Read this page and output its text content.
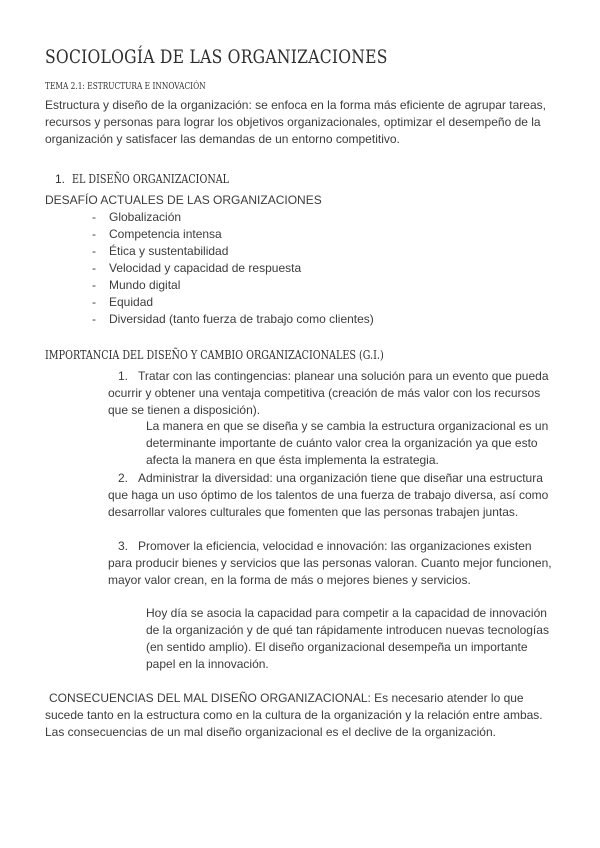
SOCIOLOGÍA DE LAS ORGANIZACIONES
TEMA 2.1: ESTRUCTURA E INNOVACIÓN
Estructura y diseño de la organización: se enfoca en la forma más eficiente de agrupar tareas, recursos y personas para lograr los objetivos organizacionales, optimizar el desempeño de la organización y satisfacer las demandas de un entorno competitivo.
1. EL DISEÑO ORGANIZACIONAL
DESAFÍO ACTUALES DE LAS ORGANIZACIONES
- Globalización
- Competencia intensa
- Ética y sustentabilidad
- Velocidad y capacidad de respuesta
- Mundo digital
- Equidad
- Diversidad (tanto fuerza de trabajo como clientes)
IMPORTANCIA DEL DISEÑO Y CAMBIO ORGANIZACIONALES (G.I.)
1. Tratar con las contingencias: planear una solución para un evento que pueda ocurrir y obtener una ventaja competitiva (creación de más valor con los recursos que se tienen a disposición).
La manera en que se diseña y se cambia la estructura organizacional es un determinante importante de cuánto valor crea la organización ya que esto afecta la manera en que ésta implementa la estrategia.
2. Administrar la diversidad: una organización tiene que diseñar una estructura que haga un uso óptimo de los talentos de una fuerza de trabajo diversa, así como desarrollar valores culturales que fomenten que las personas trabajen juntas.
3. Promover la eficiencia, velocidad e innovación: las organizaciones existen para producir bienes y servicios que las personas valoran. Cuanto mejor funcionen, mayor valor crean, en la forma de más o mejores bienes y servicios.
Hoy día se asocia la capacidad para competir a la capacidad de innovación de la organización y de qué tan rápidamente introducen nuevas tecnologías (en sentido amplio). El diseño organizacional desempeña un importante papel en la innovación.
CONSECUENCIAS DEL MAL DISEÑO ORGANIZACIONAL: Es necesario atender lo que sucede tanto en la estructura como en la cultura de la organización y la relación entre ambas. Las consecuencias de un mal diseño organizacional es el declive de la organización.
